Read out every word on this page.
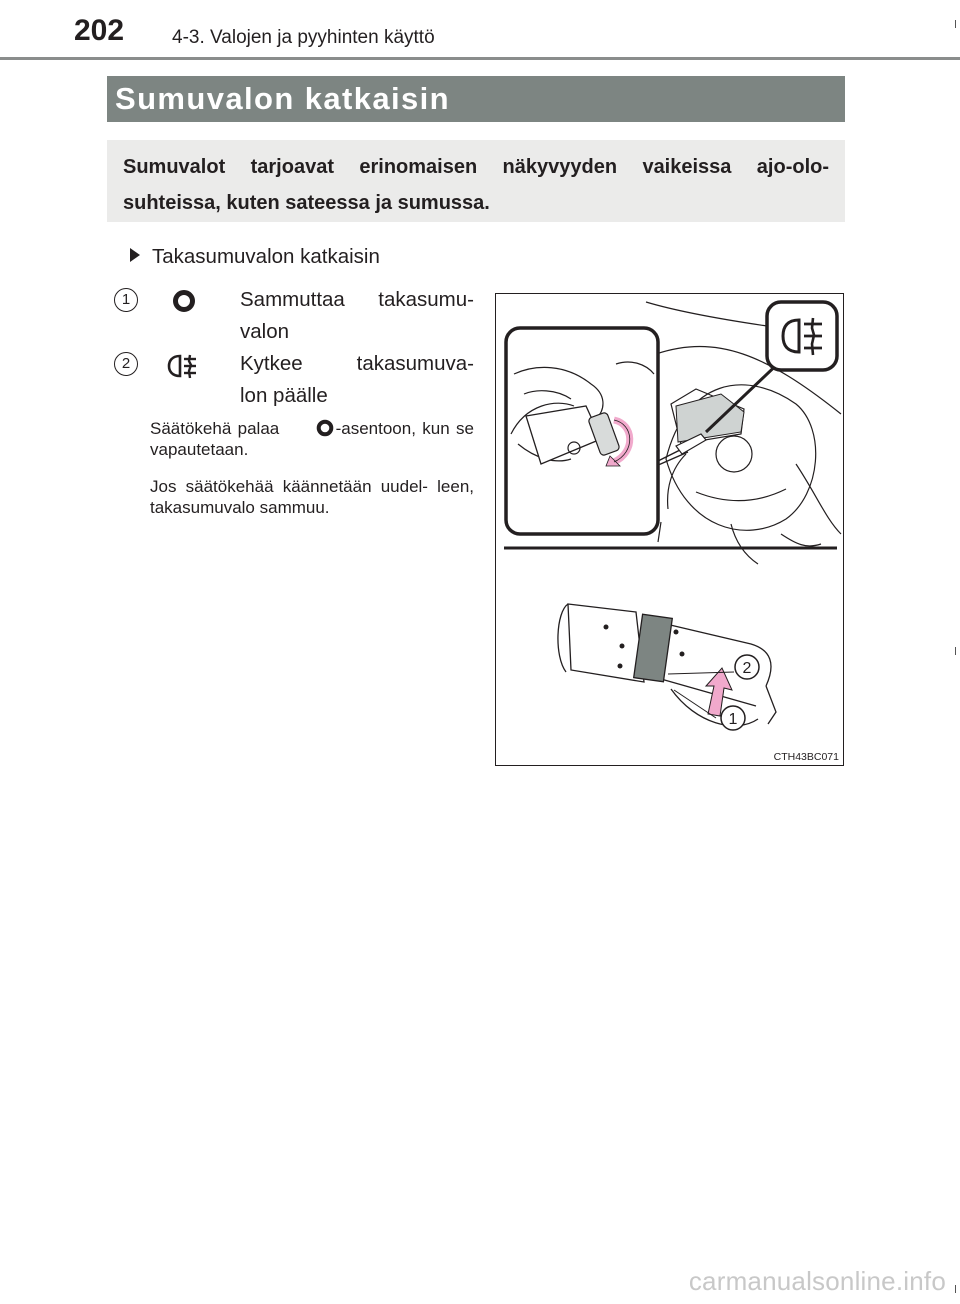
202	4-3. Valojen ja pyyhinten käyttö
Sumuvalon katkaisin
Sumuvalot tarjoavat erinomaisen näkyvyyden vaikeissa ajo-olo- suhteissa, kuten sateessa ja sumussa.
Takasumuvalon katkaisin
1	Sammuttaa takasumu-
valon
2	Kytkee takasumuva-
lon päälle
Säätökehä palaa	-asentoon, kun se vapautetaan.
Jos säätökehää käännetään uudel- leen, takasumuvalo sammuu.
2
1
CTH43BC071
carmanualsonline.info
